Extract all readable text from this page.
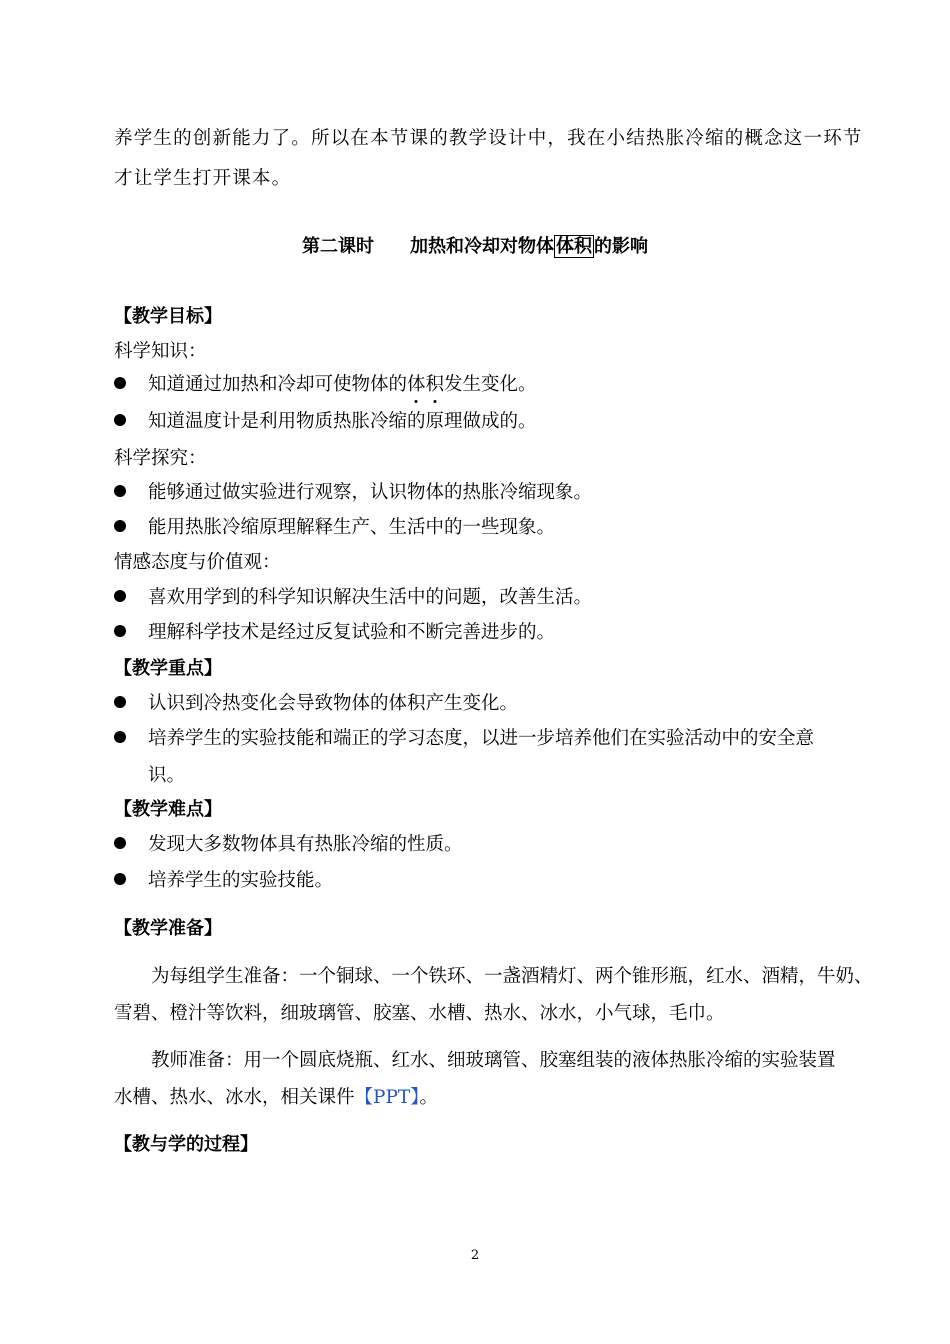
养学生的创新能力了。所以在本节课的教学设计中，我在小结热胀冷缩的概念这一环节
才让学生打开课本。
第二课时 加热和冷却对物体 体积 的影响
【教学目标】
科学知识：
知道通过加热和冷却可使物体的体积发生变化。
知道温度计是利用物质热胀冷缩的原理做成的。
科学探究：
能够通过做实验进行观察，认识物体的热胀冷缩现象。
能用热胀冷缩原理解释生产、生活中的一些现象。
情感态度与价值观：
喜欢用学到的科学知识解决生活中的问题，改善生活。
理解科学技术是经过反复试验和不断完善进步的。
【教学重点】
认识到冷热变化会导致物体的体积产生变化。
培养学生的实验技能和端正的学习态度，以进一步培养他们在实验活动中的安全意
识。
【教学难点】
发现大多数物体具有热胀冷缩的性质。
培养学生的实验技能。
【教学准备】
为每组学生准备：一个铜球、一个铁环、一盏酒精灯、两个锥形瓶，红水、酒精，牛奶、
雪碧、橙汁等饮料，细玻璃管、胶塞、水槽、热水、冰水，小气球，毛巾。
教师准备：用一个圆底烧瓶、红水、细玻璃管、胶塞组装的液体热胀冷缩的实验装置
水槽、热水、冰水，相关课件【PPT】。
【教与学的过程】
2
